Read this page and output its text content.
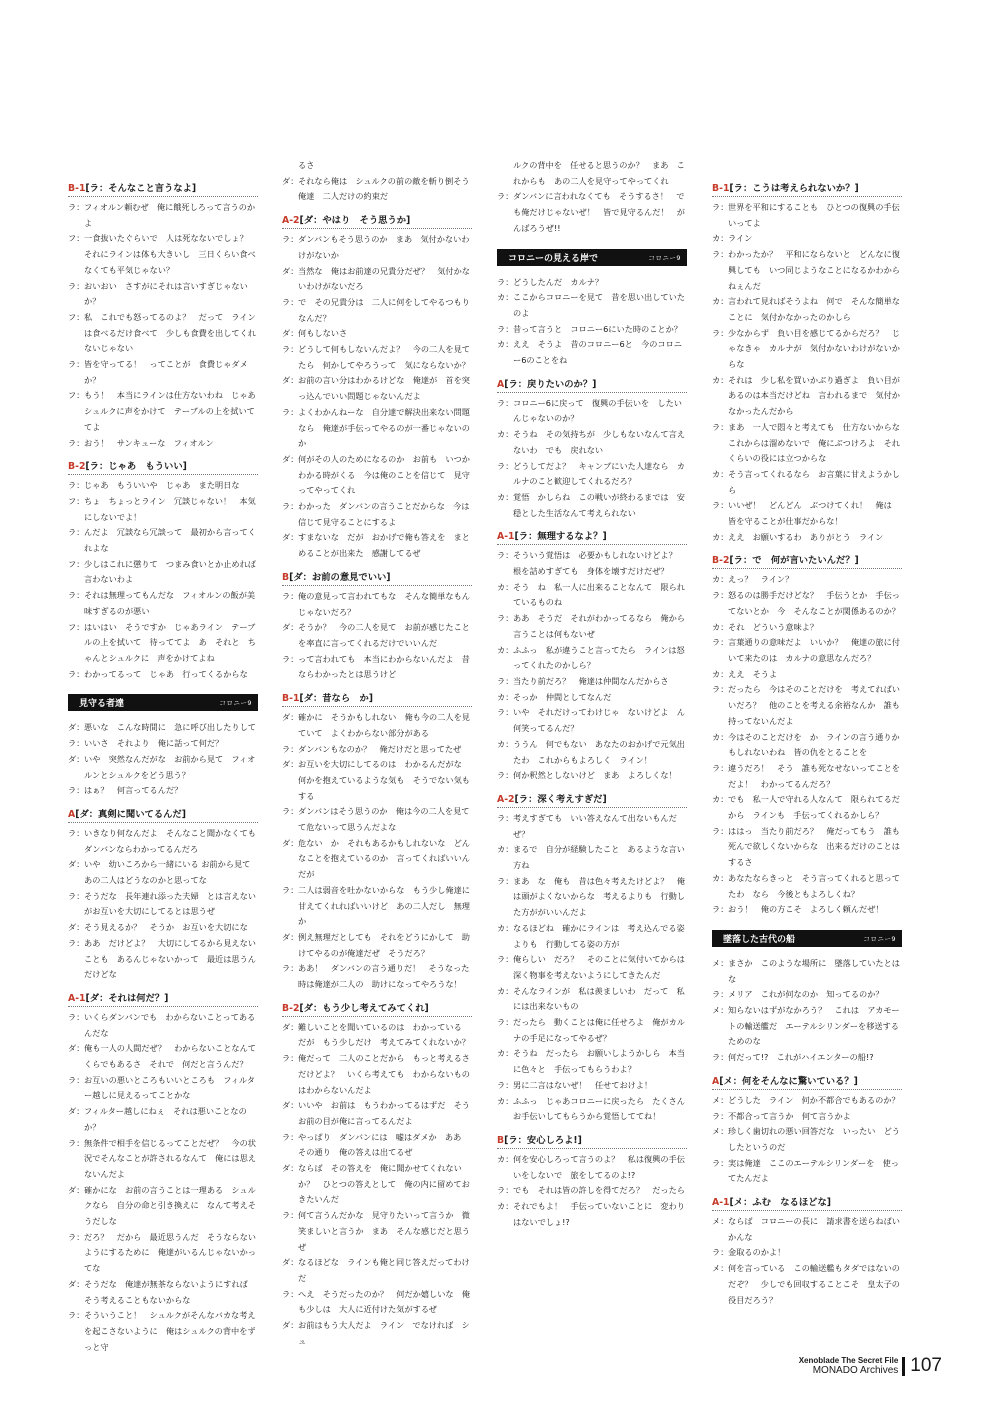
B-1[ラ：そんなこと言うなよ]
ラ： フィオルン頼むぜ　俺に餓死しろって言うのかよ
フ： 一食抜いたぐらいで　人は死なないでしょ？　それにラインは体も大きいし　三日くらい食べなくても平気じゃない？
ラ： おいおい　さすがにそれは言いすぎじゃないか？
フ： 私　これでも怒ってるのよ？　だって　ラインは食べるだけ食べて　少しも食費を出してくれないじゃない
ラ： 皆を守ってる！　ってことが　食費じゃダメか？
フ： もう！　本当にラインは仕方ないわね　じゃあシュルクに声をかけて　テーブルの上を拭いててよ
ラ： おう！　サンキューな　フィオルン
B-2[ラ：じゃあ　もういい]
ラ： じゃあ　もういいや　じゃあ　また明日な
フ： ちょ　ちょっとライン　冗談じゃない！　本気にしないでよ！
ラ： んだよ　冗談なら冗談って　最初から言ってくれよな
フ： 少しはこれに懲りて　つまみ食いとか止めれば言わないわよ
ラ： それは無理ってもんだな　フィオルンの飯が美味すぎるのが悪い
フ： はいはい　そうですか　じゃあライン　テーブルの上を拭いて　待っててよ　あ　それと　ちゃんとシュルクに　声をかけてよね
ラ： わかってるって　じゃあ　行ってくるからな
見守る者達	コロニー9
ダ： 悪いな　こんな時間に　急に呼び出したりして
ラ： いいさ　それより　俺に話って何だ？
ダ： いや　突然なんだがな　お前から見て　フィオルンとシュルクをどう思う？
ラ： はぁ？　何言ってるんだ？
A[ダ：真剣に聞いてるんだ]
ラ： いきなり何なんだよ　そんなこと聞かなくてもダンバンならわかってるんだろ
ダ： いや　幼いころから一緒にいる お前から見て　あの二人はどうなのかと思ってな
ラ： そうだな　長年連れ添った夫婦　とは言えないがお互いを大切にしてるとは思うぜ
ダ： そう見えるか？　そうか　お互いを大切にな
ラ： ああ　だけどよ？　大切にしてるから見えないことも　あるんじゃないかって　最近は思うんだけどな
A-1[ダ：それは何だ？]
ラ： いくらダンバンでも　わからないことってあるんだな
ダ： 俺も一人の人間だぜ？　わからないことなんてくらでもあるさ　それで　何だと言うんだ？
ラ： お互いの悪いところもいいところも　フィルター越しに見えるってことかな
ダ： フィルター越しにねぇ　それは悪いことなのか？
ラ： 無条件で相手を信じるってことだぜ？　今の状況でそんなことが許されるなんて　俺には思えないんだよ
ダ： 確かにな　お前の言うことは一理ある　シュルクなら　自分の命と引き換えに　なんて考えそうだしな
ラ： だろ？　だから　最近思うんだ　そうならないようにするために　俺達がいるんじゃないかってな
ダ： そうだな　俺達が無茶ならないようにすれば　そう考えることもないからな
ラ： そういうこと！　シュルクがそんなバカな考えを起こさないように　俺はシュルクの背中をずっと守
るさ
ダ： それなら俺は　シュルクの前の敵を斬り倒そう　俺達　二人だけの約束だ
A-2[ダ：やはり　そう思うか]
ラ： ダンバンもそう思うのか　まあ　気付かないわけがないか
ダ： 当然な　俺はお前達の兄貴分だぜ？　気付かないわけがないだろ
ラ： で　その兄貴分は　二人に何をしてやるつもりなんだ？
ダ： 何もしないさ
ラ： どうして何もしないんだよ？　今の二人を見てたら　何かしてやろうって　気にならないか？
ダ： お前の言い分はわかるけどな　俺達が　首を突っ込んでいい問題じゃないんだよ
ラ： よくわかんねーな　自分達で解決出来ない問題なら　俺達が手伝ってやるのが一番じゃないのか
ダ： 何がその人のためになるのか　お前も　いつかわかる時がくる　今は俺のことを信じて　見守ってやってくれ
ラ： わかった　ダンバンの言うことだからな　今は信じて見守ることにするよ
ダ： すまないな　だが　おかげで俺も答えを　まとめることが出来た　感謝してるぜ
B[ダ：お前の意見でいい]
ラ： 俺の意見って言われてもな　そんな簡単なもんじゃないだろ？
ダ： そうか？　今の二人を見て　お前が感じたことを率直に言ってくれるだけでいいんだ
ラ： って言われても　本当にわからないんだよ　昔ならわかったとは思うけど
B-1[ダ：昔なら　か]
ダ： 確かに　そうかもしれない　俺も今の二人を見ていて　よくわからない部分がある
ラ： ダンバンもなのか？　俺だけだと思ってたぜ
ダ： お互いを大切にしてるのは　わかるんだがな　何かを抱えているような気も　そうでない気もする
ラ： ダンバンはそう思うのか　俺は今の二人を見てて危ないって思うんだよな
ダ： 危ない　か　それもあるかもしれないな　どんなことを抱えているのか　言ってくればいいんだが
ラ： 二人は弱音を吐かないからな　もう少し俺達に甘えてくれればいいけど　あの二人だし　無理か
ダ： 例え無理だとしても　それをどうにかして　助けてやるのが俺達だぜ　そうだろ？
ラ： ああ！　ダンバンの言う通りだ！　そうなった時は俺達が二人の　助けになってやろうな！
B-2[ダ：もう少し考えてみてくれ]
ダ： 難しいことを聞いているのは　わかっている　だが　もう少しだけ　考えてみてくれないか？
ラ： 俺だって　二人のことだから　もっと考えるさだけどよ？　いくら考えても　わからないものはわからないんだよ
ダ： いいや　お前は　もうわかってるはずだ　そうお前の目が俺に言ってるんだよ
ラ： やっぱり　ダンバンには　嘘はダメか　ああ　その通り　俺の答えは出てるぜ
ダ： ならば　その答えを　俺に聞かせてくれないか？　ひとつの答えとして　俺の内に留めておきたいんだ
ラ： 何て言うんだかな　見守りたいって言うか　微笑ましいと言うか　まあ　そんな感じだと思うぜ
ダ： なるほどな　ラインも俺と同じ答えだってわけだ
ラ： へえ　そうだったのか？　何だか嬉しいな　俺も少しは　大人に近付けた気がするぜ
ダ： お前はもう大人だよ　ライン　でなければ　シュ
ルクの背中を　任せると思うのか？　まあ　これからも　あの二人を見守ってやってくれ
ラ： ダンバンに言われなくても　そうするさ！　でも俺だけじゃないぜ！　皆で見守るんだ！　がんばろうぜ!!
コロニーの見える岸で	コロニー9
ラ： どうしたんだ　カルナ？
カ： ここからコロニーを見て　昔を思い出していたのよ
ラ： 昔って言うと　コロニー6にいた時のことか？
カ： ええ　そうよ　昔のコロニー6と　今のコロニー6のことをね
A[ラ：戻りたいのか？]
ラ： コロニー6に戻って　復興の手伝いを　したいんじゃないのか？
カ： そうね　その気持ちが　少しもないなんて言えないわ　でも　戻れない
ラ： どうしてだよ？　キャンプにいた人達なら　カルナのこと歓迎してくれるだろ？
カ： 覚悟　かしらね　この戦いが終わるまでは　安穏とした生活なんて考えられない
A-1[ラ：無理するなよ？]
ラ： そういう覚悟は　必要かもしれないけどよ？　根を詰めすぎても　身体を壊すだけだぜ？
カ： そう　ね　私一人に出来ることなんて　限られているものね
ラ： ああ　そうだ　それがわかってるなら　俺から言うことは何もないぜ
カ： ふふっ　私が違うこと言ってたら　ラインは怒ってくれたのかしら？
ラ： 当たり前だろ？　俺達は仲間なんだからさ
カ： そっか　仲間としてなんだ
ラ： いや　それだけってわけじゃ　ないけどよ　ん　何笑ってるんだ？
カ： ううん　何でもない　あなたのおかげで元気出たわ　これからもよろしく　ライン！
ラ： 何か釈然としないけど　まあ　よろしくな！
A-2[ラ：深く考えすぎだ]
ラ： 考えすぎても　いい答えなんて出ないもんだぜ？
カ： まるで　自分が経験したこと　あるような言い方ね
ラ： まあ　な　俺も　昔は色々考えたけどよ？　俺は頭がよくないからな　考えるよりも　行動した方ががいいんだよ
カ： なるほどね　確かにラインは　考え込んでる姿よりも　行動してる姿の方が
ラ： 俺らしい　だろ？　そのことに気付いてからは深く物事を考えないようにしてきたんだ
カ： そんなラインが　私は羨ましいわ　だって　私には出来ないもの
ラ： だったら　動くことは俺に任せろよ　俺がカルナの手足になってやるぜ？
カ： そうね　だったら　お願いしようかしら　本当に色々と　手伝ってもらうわよ？
ラ： 男に二言はないぜ！　任せておけよ！
カ： ふふっ　じゃあコロニーに戻ったら　たくさんお手伝いしてもらうから覚悟しててね！
B[ラ：安心しろよ!]
カ： 何を安心しろって言うのよ？　私は復興の手伝いをしないで　旅をしてるのよ!?
ラ： でも　それは皆の許しを得てだろ？　だったら
カ： それでもよ！　手伝っていないことに　変わりはないでしょ!?
B-1[ラ：こうは考えられないか？]
ラ： 世界を平和にすることも　ひとつの復興の手伝いってよ
カ： ライン
ラ： わかったか？　平和にならないと　どんなに復興しても　いつ同じようなことになるかわからねぇんだ
カ： 言われて見ればそうよね　何で　そんな簡単なことに　気付かなかったのかしら
ラ： 少なからず　負い目を感じてるからだろ？　じゃなきゃ　カルナが　気付かないわけがないからな
カ： それは　少し私を買いかぶり過ぎよ　負い目があるのは本当だけどね　言われるまで　気付かなかったんだから
ラ： まあ　一人で悶々と考えても　仕方ないからなこれからは溜めないで　俺にぶつけろよ　それくらいの役には立つからな
カ： そう言ってくれるなら　お言葉に甘えようかしら
ラ： いいぜ！　どんどん　ぶつけてくれ！　俺は　皆を守ることが仕事だからな！
カ： ええ　お願いするわ　ありがとう　ライン
B-2[ラ：で　何が言いたいんだ？]
カ： えっ？　ライン？
ラ： 怒るのは勝手だけどな？　手伝うとか　手伝ってないとか　今　そんなことが関係あるのか？
カ： それ　どういう意味よ？
ラ： 言葉通りの意味だよ　いいか？　俺達の旅に付いて来たのは　カルナの意思なんだろ？
カ： ええ　そうよ
ラ： だったら　今はそのことだけを　考えてればいいだろ？　他のことを考える余裕なんか　誰も持ってないんだよ
カ： 今はそのことだけを　か　ラインの言う通りかもしれないわね　皆の仇をとることを
ラ： 違うだろ！　そう　誰も死なせないってことをだよ！　わかってるんだろ？
カ： でも　私一人で守れる人なんて　限られてるだから　ラインも　手伝ってくれるかしら？
ラ： ははっ　当たり前だろ？　俺だってもう　誰も死んで欲しくないからな　出来るだけのことはするさ
カ： あなたならきっと　そう言ってくれると思ってたわ　なら　今後ともよろしくね？
ラ： おう！　俺の方こそ　よろしく頼んだぜ！
墜落した古代の船	コロニー9
メ： まさか　このような場所に　墜落していたとはな
ラ： メリア　これが何なのか　知ってるのか？
メ： 知らないはずがなかろう？　これは　アカモートの輸送艦だ　エーテルシリンダーを移送するためのな
ラ： 何だって!?　これがハイエンターの船!?
A[メ：何をそんなに驚いている？]
メ： どうした　ライン　何か不都合でもあるのか？
ラ： 不都合って言うか　何て言うかよ
メ： 珍しく歯切れの悪い回答だな　いったい　どうしたというのだ
ラ： 実は俺達　ここのエーテルシリンダーを　使ってたんだよ
A-1[メ：ふむ　なるほどな]
メ： ならば　コロニーの長に　請求書を送らねばいかんな
ラ： 金取るのかよ！
メ： 何を言っている　この輸送艦もタダではないのだぞ？　少しでも回収することこそ　皇太子の役目だろう？
Xenoblade The Secret File
MONADO Archives 107
